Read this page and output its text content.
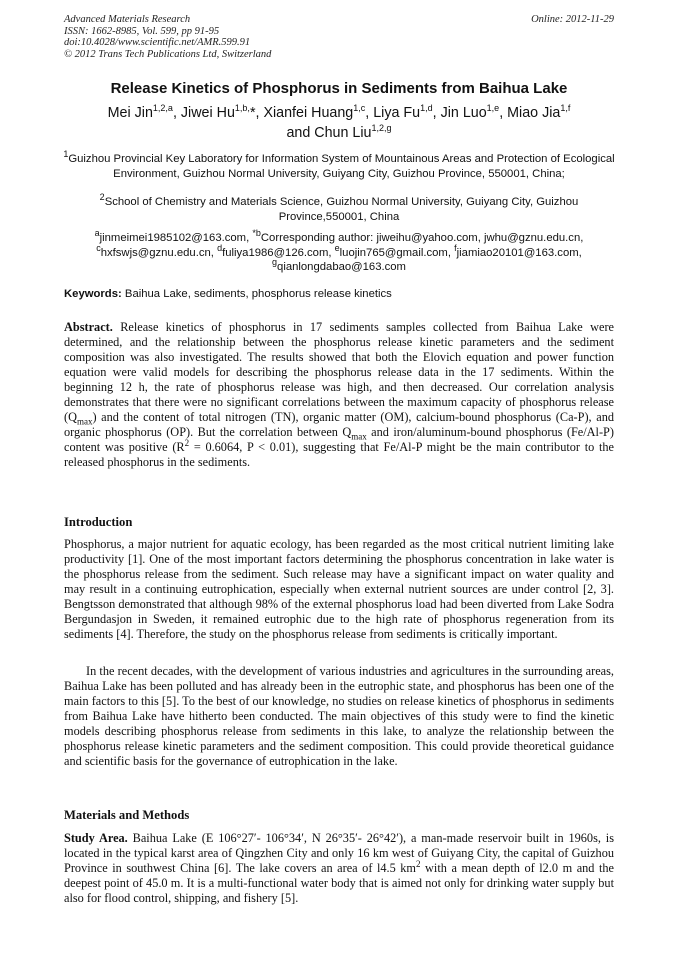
Advanced Materials Research
ISSN: 1662-8985, Vol. 599, pp 91-95
doi:10.4028/www.scientific.net/AMR.599.91
© 2012 Trans Tech Publications Ltd, Switzerland
Online: 2012-11-29
Release Kinetics of Phosphorus in Sediments from Baihua Lake
Mei Jin$^{1,2,a}$, Jiwei $Hu^{1,b,}*$, Xianfei Huang$^{1,c}$, Liya Fu$^{1,d}$, Jin Luo$^{1,e}$, Miao Jia$^{1,f}$
and Chun Liu$^{1,2,g}$
$^1$Guizhou Provincial Key Laboratory for Information System of Mountainous Areas and Protection of Ecological Environment, Guizhou Normal University, Guiyang City, Guizhou Province, 550001, China;
$^2$School of Chemistry and Materials Science, Guizhou Normal University, Guiyang City, Guizhou Province,550001, China
$^a$jinmeimei1985102@163.com, $^{*b}$Corresponding author: jiweihu@yahoo.com, jwhu@gznu.edu.cn,
$^c$hxfswjs@gznu.edu.cn, $^d$fuliya1986@126.com, $^e$luojin765@gmail.com, $^f$jiamiao20101@163.com,
$^g$qianlongdabao@163.com
Keywords: Baihua Lake, sediments, phosphorus release kinetics
Abstract. Release kinetics of phosphorus in 17 sediments samples collected from Baihua Lake were determined, and the relationship between the phosphorus release kinetic parameters and the sediment composition was also investigated. The results showed that both the Elovich equation and power function equation were valid models for describing the phosphorus release data in the 17 sediments. Within the beginning 12 h, the rate of phosphorus release was high, and then decreased. Our correlation analysis demonstrates that there were no significant correlations between the maximum capacity of phosphorus release $(Q_{max})$ and the content of total nitrogen (TN), organic matter (OM), calcium-bound phosphorus (Ca-P), and organic phosphorus (OP). But the correlation between $Q_{max}$ and iron/aluminum-bound phosphorus (Fe/Al-P) content was positive ($R^2 = 0.6064$, P < 0.01), suggesting that Fe/Al-P might be the main contributor to the released phosphorus in the sediments.
Introduction
Phosphorus, a major nutrient for aquatic ecology, has been regarded as the most critical nutrient limiting lake productivity [1]. One of the most important factors determining the phosphorus concentration in lake water is the phosphorus release from the sediment. Such release may have a significant impact on water quality and may result in a continuing eutrophication, especially when external nutrient sources are under control [2, 3]. Bengtsson demonstrated that although 98% of the external phosphorus load had been diverted from Lake Sodra Bergundasjon in Sweden, it remained eutrophic due to the high rate of phosphorus regeneration from its sediments [4]. Therefore, the study on the phosphorus release from sediments is critically important.
In the recent decades, with the development of various industries and agricultures in the surrounding areas, Baihua Lake has been polluted and has already been in the eutrophic state, and phosphorus has been one of the main factors to this [5]. To the best of our knowledge, no studies on release kinetics of phosphorus in sediments from Baihua Lake have hitherto been conducted. The main objectives of this study were to find the kinetic models describing phosphorus release from sediments in this lake, to analyze the relationship between the phosphorus release kinetic parameters and the sediment composition. This could provide theoretical guidance and scientific basis for the governance of eutrophication in the lake.
Materials and Methods
Study Area. Baihua Lake (E 106°27′- 106°34′, N 26°35′- 26°42′), a man-made reservoir built in 1960s, is located in the typical karst area of Qingzhen City and only 16 km west of Guiyang City, the capital of Guizhou Province in southwest China [6]. The lake covers an area of l4.5 $km^2$ with a mean depth of l2.0 m and the deepest point of 45.0 m. It is a multi-functional water body that is aimed not only for drinking water supply but also for flood control, shipping, and fishery [5].
